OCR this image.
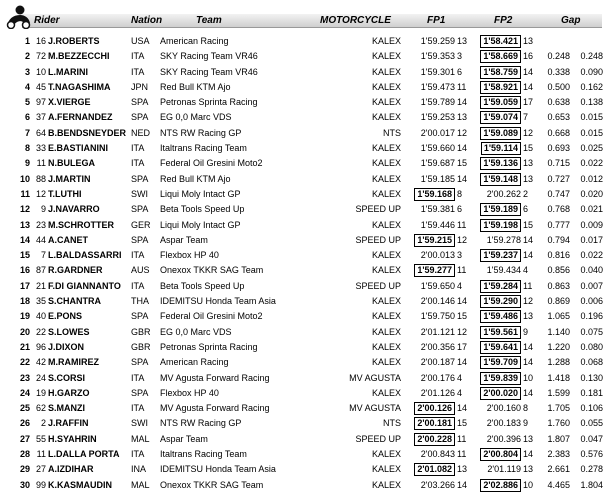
Rider	Nation	Team	MOTORCYCLE	FP1	FP2	Gap
1 16 J.ROBERTS	USA American Racing	KALEX	1'59.259 13	1'58.421 13
2 72 M.BEZZECCHI ITA SKY Racing Team VR46	KALEX	1'59.353 3	1'58.669 16	0.248	0.248
3 10 L.MARINI	ITA SKY Racing Team VR46	KALEX	1'59.301 6	1'58.759 14	0.338	0.090
4 45 T.NAGASHIMA JPN Red Bull KTM Ajo	KALEX	1'59.473 11	1'58.921 14	0.500	0.162
5 97 X.VIERGE	SPA Petronas Sprinta Racing	KALEX	1'59.789 14	1'59.059 17	0.638	0.138
6 37 A.FERNANDEZ SPA EG 0,0 Marc VDS	KALEX	1'59.253 13	1'59.074 7	0.653	0.015
7 64 B.BENDSNEYDER NED NTS RW Racing GP	NTS	2'00.017 12	1'59.089 12	0.668	0.015
8 33 E.BASTIANINI	ITA Italtrans Racing Team	KALEX	1'59.660 14	1'59.114 15	0.693	0.025
9 11 N.BULEGA	ITA Federal Oil Gresini Moto2	KALEX	1'59.687 15	1'59.136 13	0.715	0.022
10 88 J.MARTIN	SPA Red Bull KTM Ajo	KALEX	1'59.185 14	1'59.148 13	0.727	0.012
11 12 T.LUTHI	SWI Liqui Moly Intact GP	KALEX	1'59.168 8	2'00.262 2	0.747	0.020
12	9 J.NAVARRO	SPA Beta Tools Speed Up	SPEED UP	1'59.381 6	1'59.189 6	0.768	0.021
13 23 M.SCHROTTER GER Liqui Moly Intact GP	KALEX	1'59.446 11	1'59.198 15	0.777	0.009
14 44 A.CANET	SPA Aspar Team	SPEED UP	1'59.215 12	1'59.278 14	0.794	0.017
15	7 L.BALDASSARRI ITA Flexbox HP 40	KALEX	2'00.013 3	1'59.237 14	0.816	0.022
16 87 R.GARDNER	AUS Onexox TKKR SAG Team	KALEX	1'59.277 11	1'59.434 4	0.856	0.040
17 21 F.DI GIANNANTO ITA Beta Tools Speed Up	SPEED UP	1'59.650 4	1'59.284 11	0.863	0.007
18 35 S.CHANTRA	THA IDEMITSU Honda Team Asia	KALEX	2'00.146 14	1'59.290 12	0.869	0.006
19 40 E.PONS	SPA Federal Oil Gresini Moto2	KALEX	1'59.750 15	1'59.486 13	1.065	0.196
20 22 S.LOWES	GBR EG 0,0 Marc VDS	KALEX	2'01.121 12	1'59.561 9	1.140	0.075
21 96 J.DIXON	GBR Petronas Sprinta Racing	KALEX	2'00.356 17	1'59.641 14	1.220	0.080
22 42 M.RAMIREZ	SPA American Racing	KALEX	2'00.187 14	1'59.709 14	1.288	0.068
23 24 S.CORSI	ITA MV Agusta Forward Racing	MV AGUSTA	2'00.176 4	1'59.839 10	1.418	0.130
24 19 H.GARZO	SPA Flexbox HP 40	KALEX	2'01.126 4	2'00.020 14	1.599	0.181
25 62 S.MANZI	ITA MV Agusta Forward Racing	MV AGUSTA	2'00.126 14	2'00.160 8	1.705	0.106
26	2 J.RAFFIN	SWI NTS RW Racing GP	NTS	2'00.181 15	2'00.183 9	1.760	0.055
27 55 H.SYAHRIN	MAL Aspar Team	SPEED UP	2'00.228 11	2'00.396 13	1.807	0.047
28 11 L.DALLA PORTA ITA Italtrans Racing Team	KALEX	2'00.843 11	2'00.804 14	2.383	0.576
29 27 A.IZDIHAR	INA IDEMITSU Honda Team Asia	KALEX	2'01.082 13	2'01.119 13	2.661	0.278
30 99 K.KASMAUDIN MAL Onexox TKKR SAG Team	KALEX	2'03.266 14	2'02.886 10	4.465	1.804
